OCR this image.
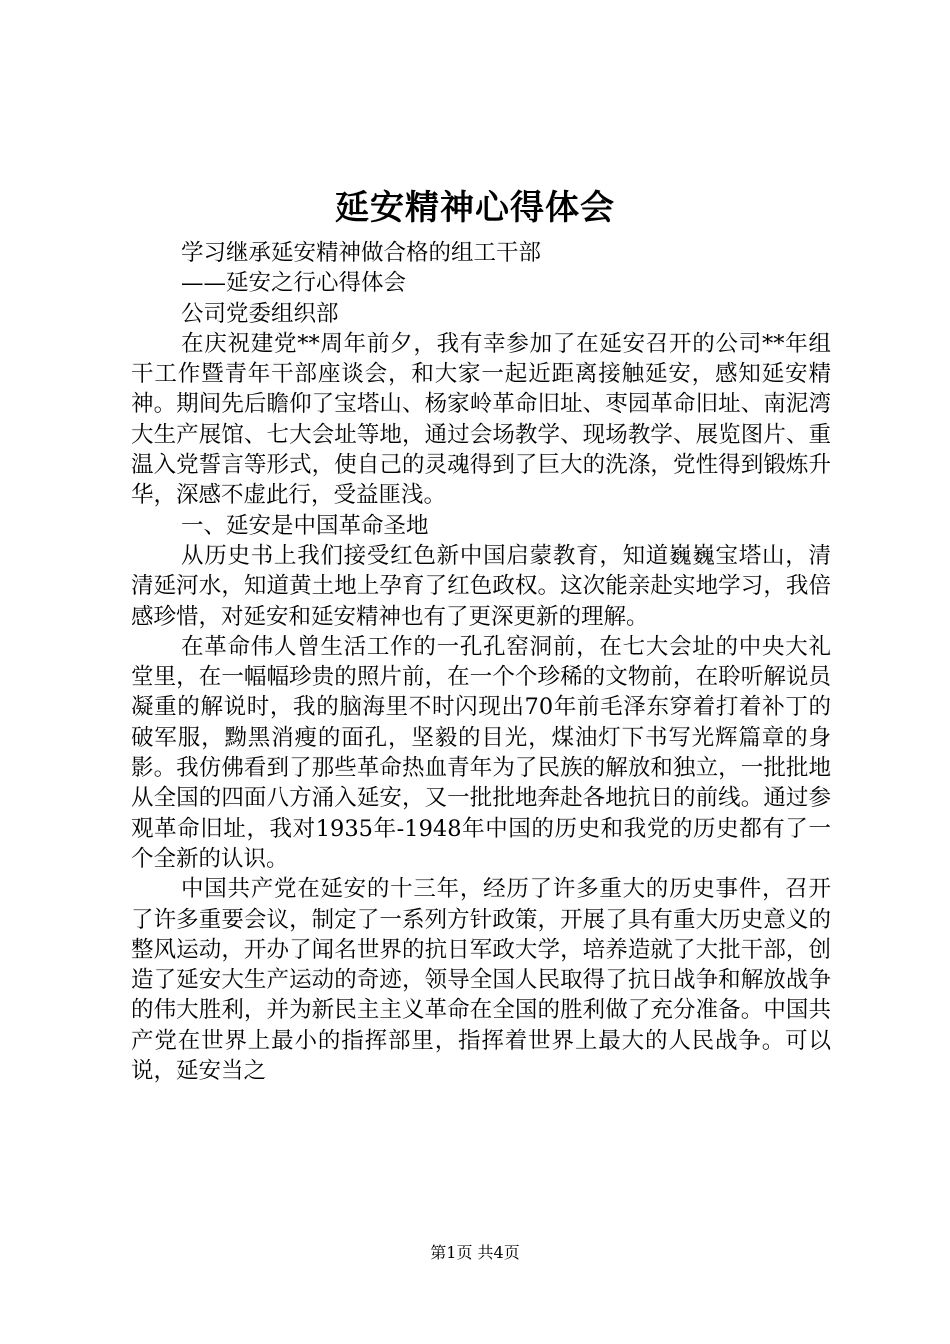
延安精神心得体会

学习继承延安精神做合格的组工干部

——延安之行心得体会

公司党委组织部

在庆祝建党**周年前夕，我有幸参加了在延安召开的公司**年组干工作暨青年干部座谈会，和大家一起近距离接触延安，感知延安精神。期间先后瞻仰了宝塔山、杨家岭革命旧址、枣园革命旧址、南泥湾大生产展馆、七大会址等地，通过会场教学、现场教学、展览图片、重温入党誓言等形式，使自己的灵魂得到了巨大的洗涤，党性得到锻炼升华，深感不虚此行，受益匪浅。

一、延安是中国革命圣地

从历史书上我们接受红色新中国启蒙教育，知道巍巍宝塔山，清清延河水，知道黄土地上孕育了红色政权。这次能亲赴实地学习，我倍感珍惜，对延安和延安精神也有了更深更新的理解。

在革命伟人曾生活工作的一孔孔窑洞前，在七大会址的中央大礼堂里，在一幅幅珍贵的照片前，在一个个珍稀的文物前，在聆听解说员凝重的解说时，我的脑海里不时闪现出70年前毛泽东穿着打着补丁的破军服，黝黑消瘦的面孔，坚毅的目光，煤油灯下书写光辉篇章的身影。我仿佛看到了那些革命热血青年为了民族的解放和独立，一批批地从全国的四面八方涌入延安，又一批批地奔赴各地抗日的前线。通过参观革命旧址，我对1935年-1948年中国的历史和我党的历史都有了一个全新的认识。

中国共产党在延安的十三年，经历了许多重大的历史事件，召开了许多重要会议，制定了一系列方针政策，开展了具有重大历史意义的整风运动，开办了闻名世界的抗日军政大学，培养造就了大批干部，创造了延安大生产运动的奇迹，领导全国人民取得了抗日战争和解放战争的伟大胜利，并为新民主主义革命在全国的胜利做了充分准备。中国共产党在世界上最小的指挥部里，指挥着世界上最大的人民战争。可以说，延安当之

第1页 共4页
